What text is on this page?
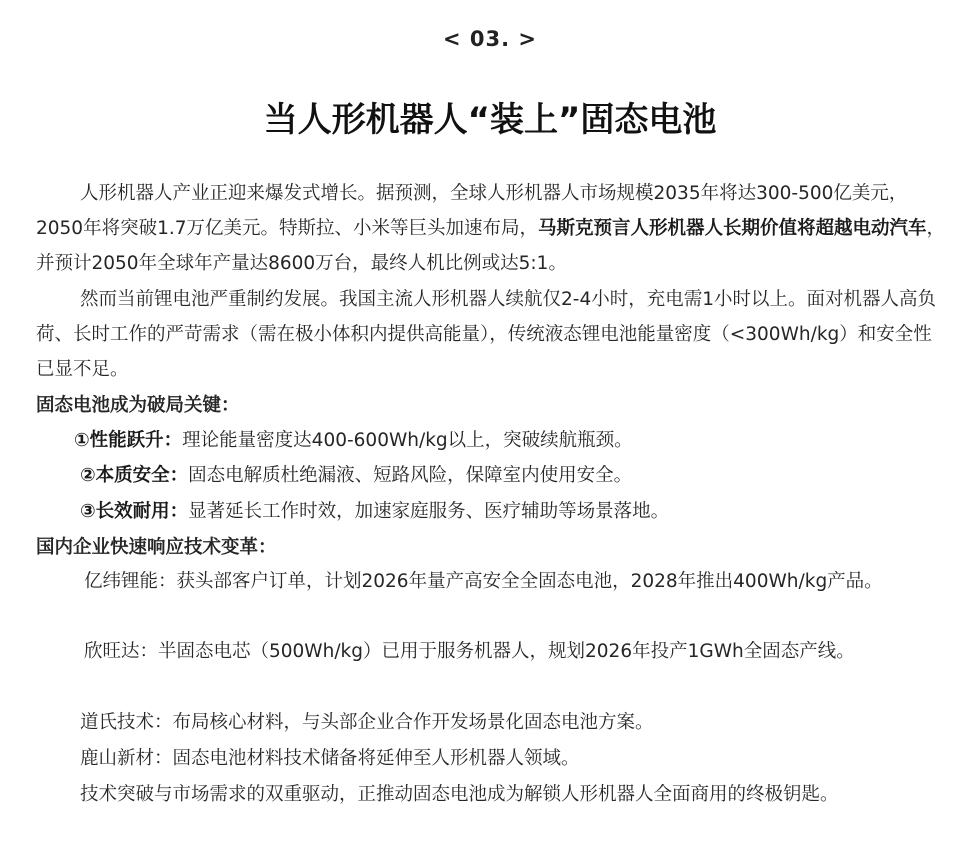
< 03. >
当人形机器人“装上”固态电池
人形机器人产业正迎来爆发式增长。据预测，全球人形机器人市场规模2035年将达300-500亿美元，2050年将突破1.7万亿美元。特斯拉、小米等巨头加速布局，马斯克预言人形机器人长期价值将超越电动汽车，并预计2050年全球年产量达8600万台，最终人机比例或达5:1。
然而当前锂电池严重制约发展。我国主流人形机器人续航仅2-4小时，充电需1小时以上。面对机器人高负荷、长时工作的严苛需求（需在极小体积内提供高能量），传统液态锂电池能量密度（<300Wh/kg）和安全性已显不足。
固态电池成为破局关键：
①性能跃升：理论能量密度达400-600Wh/kg以上，突破续航瓶颈。
②本质安全：固态电解质杜绝漏液、短路风险，保障室内使用安全。
③长效耐用：显著延长工作时效，加速家庭服务、医疗辅助等场景落地。
国内企业快速响应技术变革：
亿纬锂能：获头部客户订单，计划2026年量产高安全全固态电池，2028年推出400Wh/kg产品。
欣旺达：半固态电芯（500Wh/kg）已用于服务机器人，规划2026年投产1GWh全固态产线。
道氏技术：布局核心材料，与头部企业合作开发场景化固态电池方案。
鹿山新材：固态电池材料技术储备将延伸至人形机器人领域。
技术突破与市场需求的双重驱动，正推动固态电池成为解锁人形机器人全面商用的终极钥匙。
